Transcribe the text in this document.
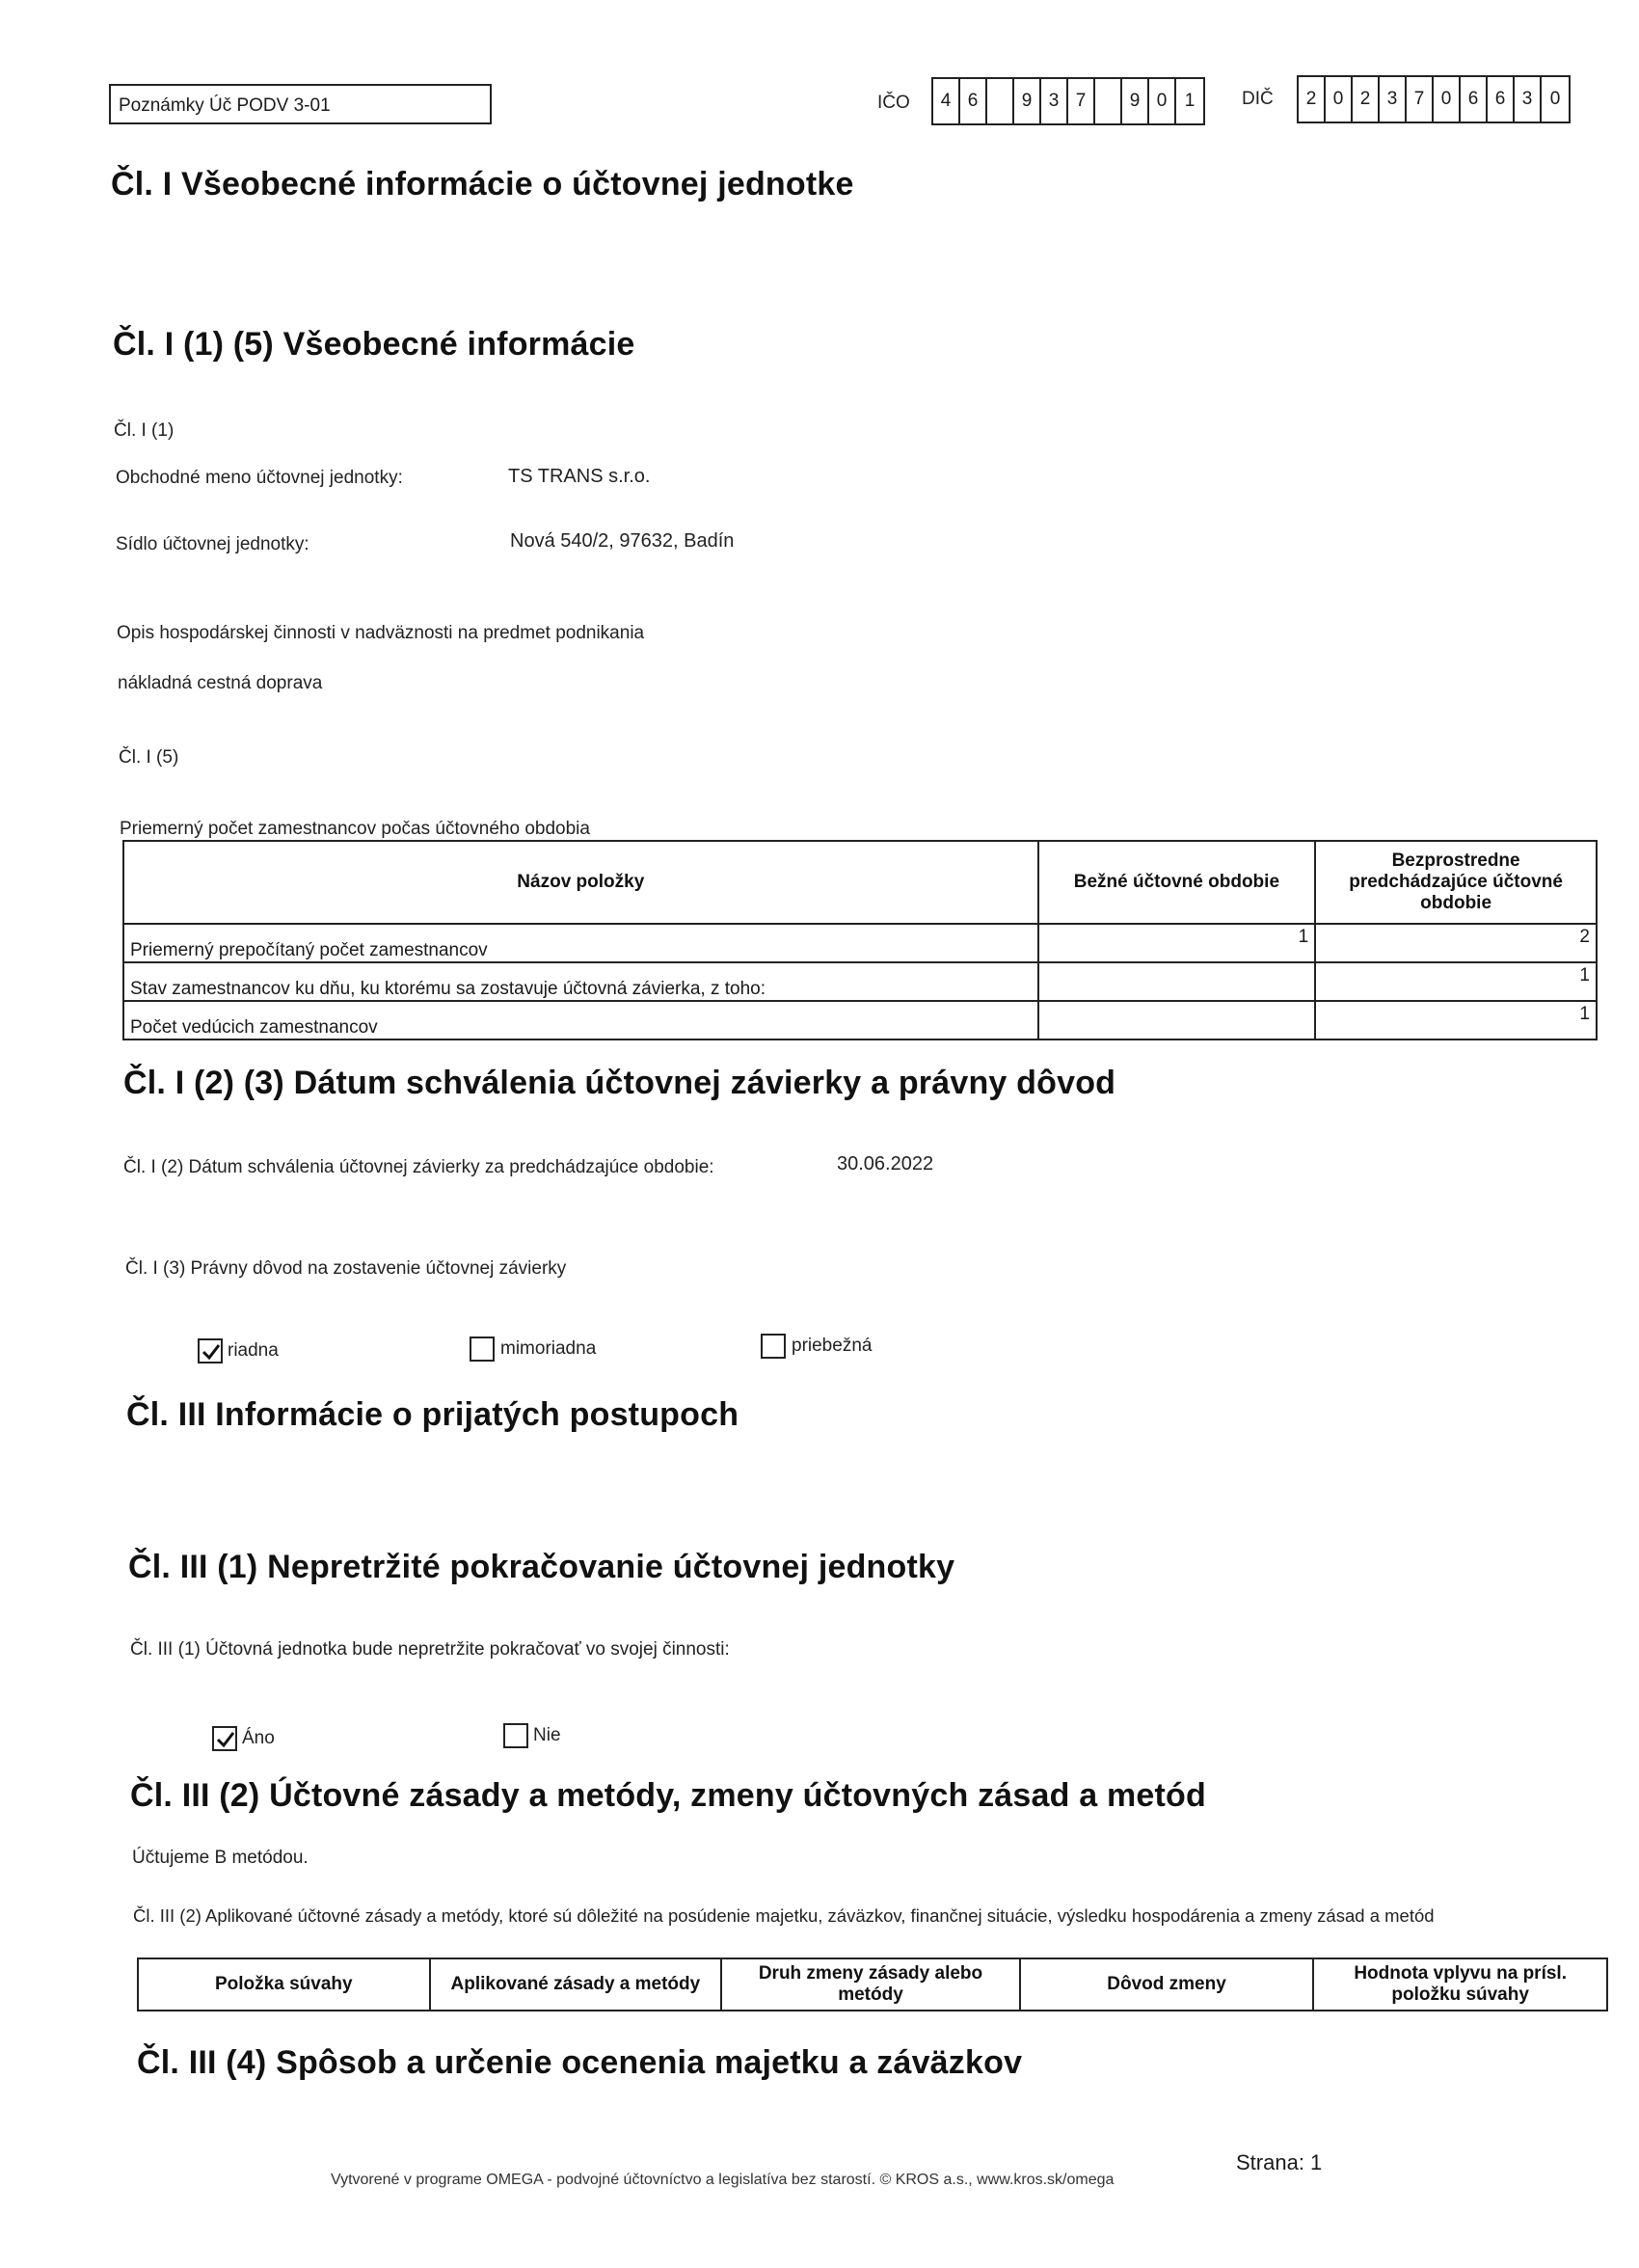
Poznámky Úč PODV 3-01	IČO	4 6	9 3 7	9 0 1	DIČ	2 0 2 3 7 0 6 6 3 0
Čl. I Všeobecné informácie o účtovnej jednotke
Čl. I (1) (5) Všeobecné informácie
Čl. I (1)
Obchodné meno účtovnej jednotky:	TS TRANS s.r.o.
Sídlo účtovnej jednotky:	Nová 540/2, 97632, Badín
Opis hospodárskej činnosti v nadväznosti na predmet podnikania
nákladná cestná doprava
Čl. I (5)
Priemerný počet zamestnancov počas účtovného obdobia
Názov položky	Bežné účtovné obdobie	Bezprostredne predchádzajúce účtovné obdobie
Priemerný prepočítaný počet zamestnancov	1	2
Stav zamestnancov ku dňu, ku ktorému sa zostavuje účtovná závierka, z toho:		1
Počet vedúcich zamestnancov		1
Čl. I (2) (3) Dátum schválenia účtovnej závierky a právny dôvod
Čl. I (2) Dátum schválenia účtovnej závierky za predchádzajúce obdobie:	30.06.2022
Čl. I (3) Právny dôvod na zostavenie účtovnej závierky
riadna	mimoriadna	priebežná
Čl. III Informácie o prijatých postupoch
Čl. III (1) Nepretržité pokračovanie účtovnej jednotky
Čl. III (1) Účtovná jednotka bude nepretržite pokračovať vo svojej činnosti:
Áno	Nie
Čl. III (2) Účtovné zásady a metódy, zmeny účtovných zásad a metód
Účtujeme B metódou.
Čl. III (2) Aplikované účtovné zásady a metódy, ktoré sú dôležité na posúdenie majetku, záväzkov, finančnej situácie, výsledku hospodárenia a zmeny zásad a metód
Položka súvahy	Aplikované zásady a metódy	Druh zmeny zásady alebo metódy	Dôvod zmeny	Hodnota vplyvu na prísl. položku súvahy
Čl. III (4) Spôsob a určenie ocenenia majetku a záväzkov
Strana: 1
Vytvorené v programe OMEGA - podvojné účtovníctvo a legislatíva bez starostí. © KROS a.s., www.kros.sk/omega
